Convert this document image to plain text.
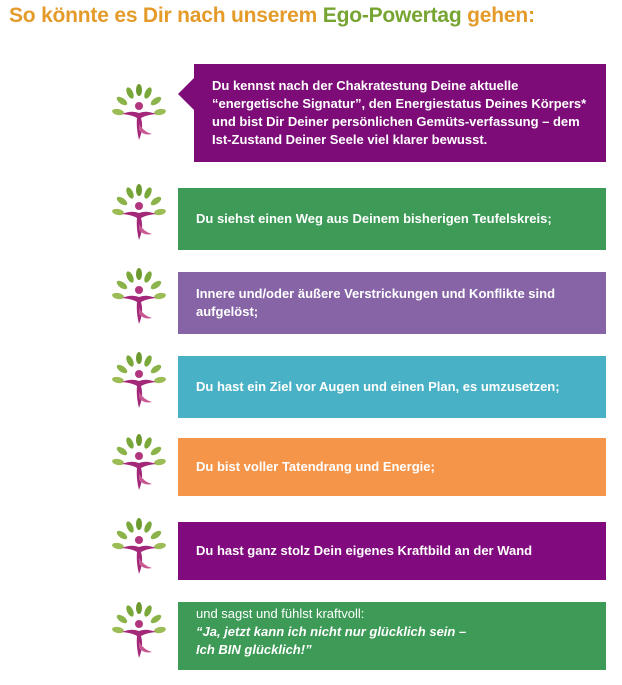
So könnte es Dir nach unserem Ego-Powertag gehen:
Du kennst nach der Chakratestung Deine aktuelle “energetische Signatur”, den Energiestatus Deines Körpers* und bist Dir Deiner persönlichen Gemüts-verfassung – dem Ist-Zustand Deiner Seele viel klarer bewusst.
Du siehst einen Weg aus Deinem bisherigen Teufelskreis;
Innere und/oder äußere Verstrickungen und Konflikte sind aufgelöst;
Du hast ein Ziel vor Augen und einen Plan, es umzusetzen;
Du bist voller Tatendrang und Energie;
Du hast ganz stolz Dein eigenes Kraftbild an der Wand
und sagst und fühlst kraftvoll:
“Ja, jetzt kann ich nicht nur glücklich sein –
Ich BIN glücklich!”
